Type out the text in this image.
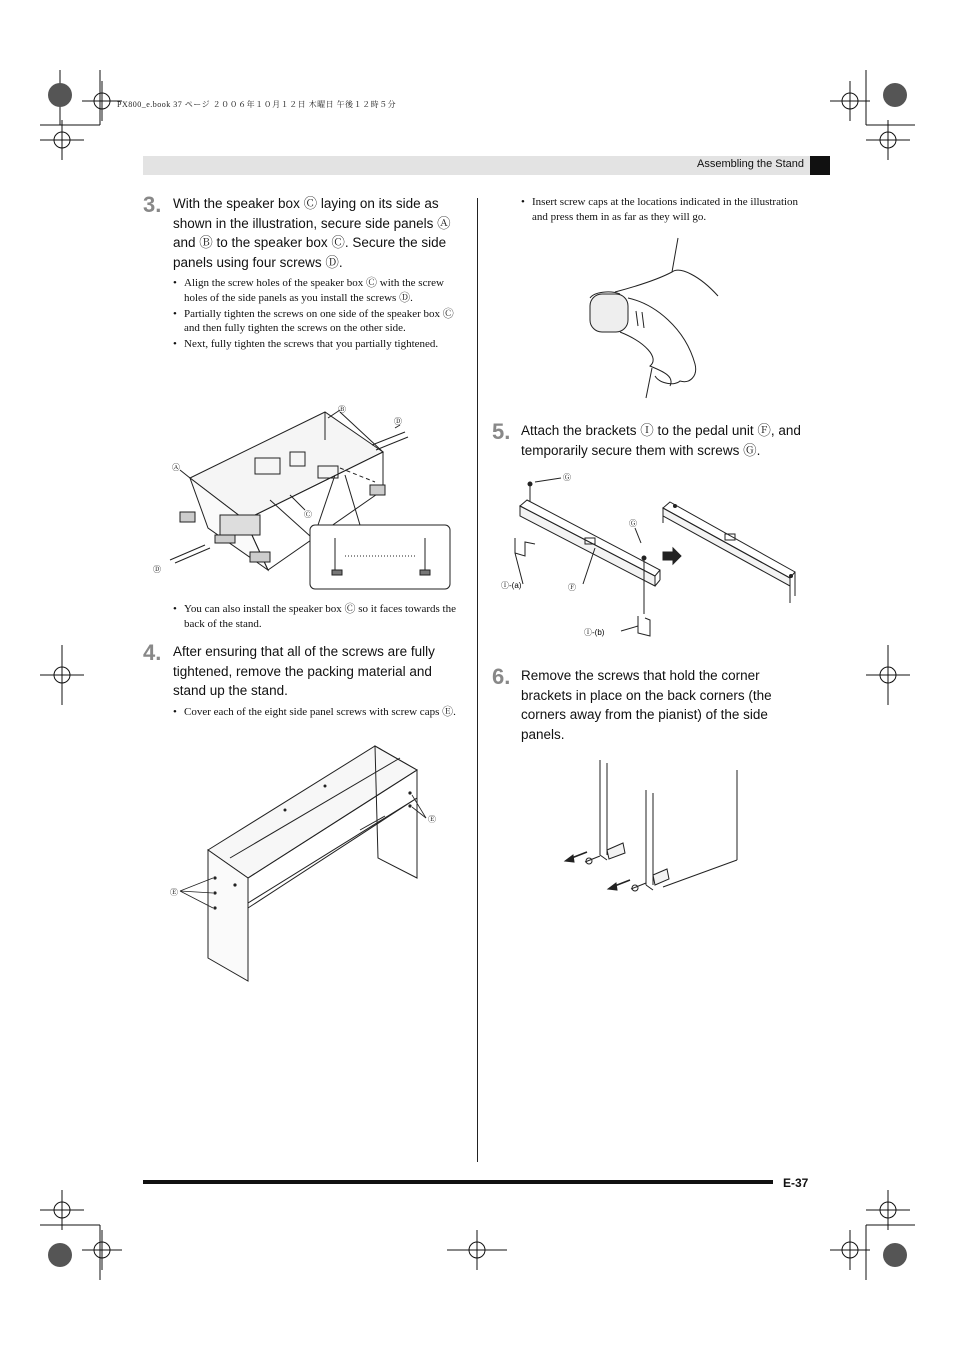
PX800_e.book 37 ページ ２００６年１０月１２日 木曜日 午後１２時５分
Assembling the Stand
3. With the speaker box Ⓒ laying on its side as shown in the illustration, secure side panels Ⓐ and Ⓑ to the speaker box Ⓒ. Secure the side panels using four screws Ⓓ.
• Align the screw holes of the speaker box Ⓒ with the screw holes of the side panels as you install the screws Ⓓ.
• Partially tighten the screws on one side of the speaker box Ⓒ and then fully tighten the screws on the other side.
• Next, fully tighten the screws that you partially tightened.
Ⓐ
Ⓑ
Ⓒ
Ⓓ
Ⓓ
• You can also install the speaker box Ⓒ so it faces towards the back of the stand.
4. After ensuring that all of the screws are fully tightened, remove the packing material and stand up the stand.
• Cover each of the eight side panel screws with screw caps Ⓔ.
Ⓔ
Ⓔ
• Insert screw caps at the locations indicated in the illustration and press them in as far as they will go.
5. Attach the brackets Ⓘ to the pedal unit Ⓕ, and temporarily secure them with screws Ⓖ.
Ⓖ
Ⓖ
Ⓘ-(a)	Ⓕ
Ⓘ-(b)
6. Remove the screws that hold the corner brackets in place on the back corners (the corners away from the pianist) of the side panels.
E-37
